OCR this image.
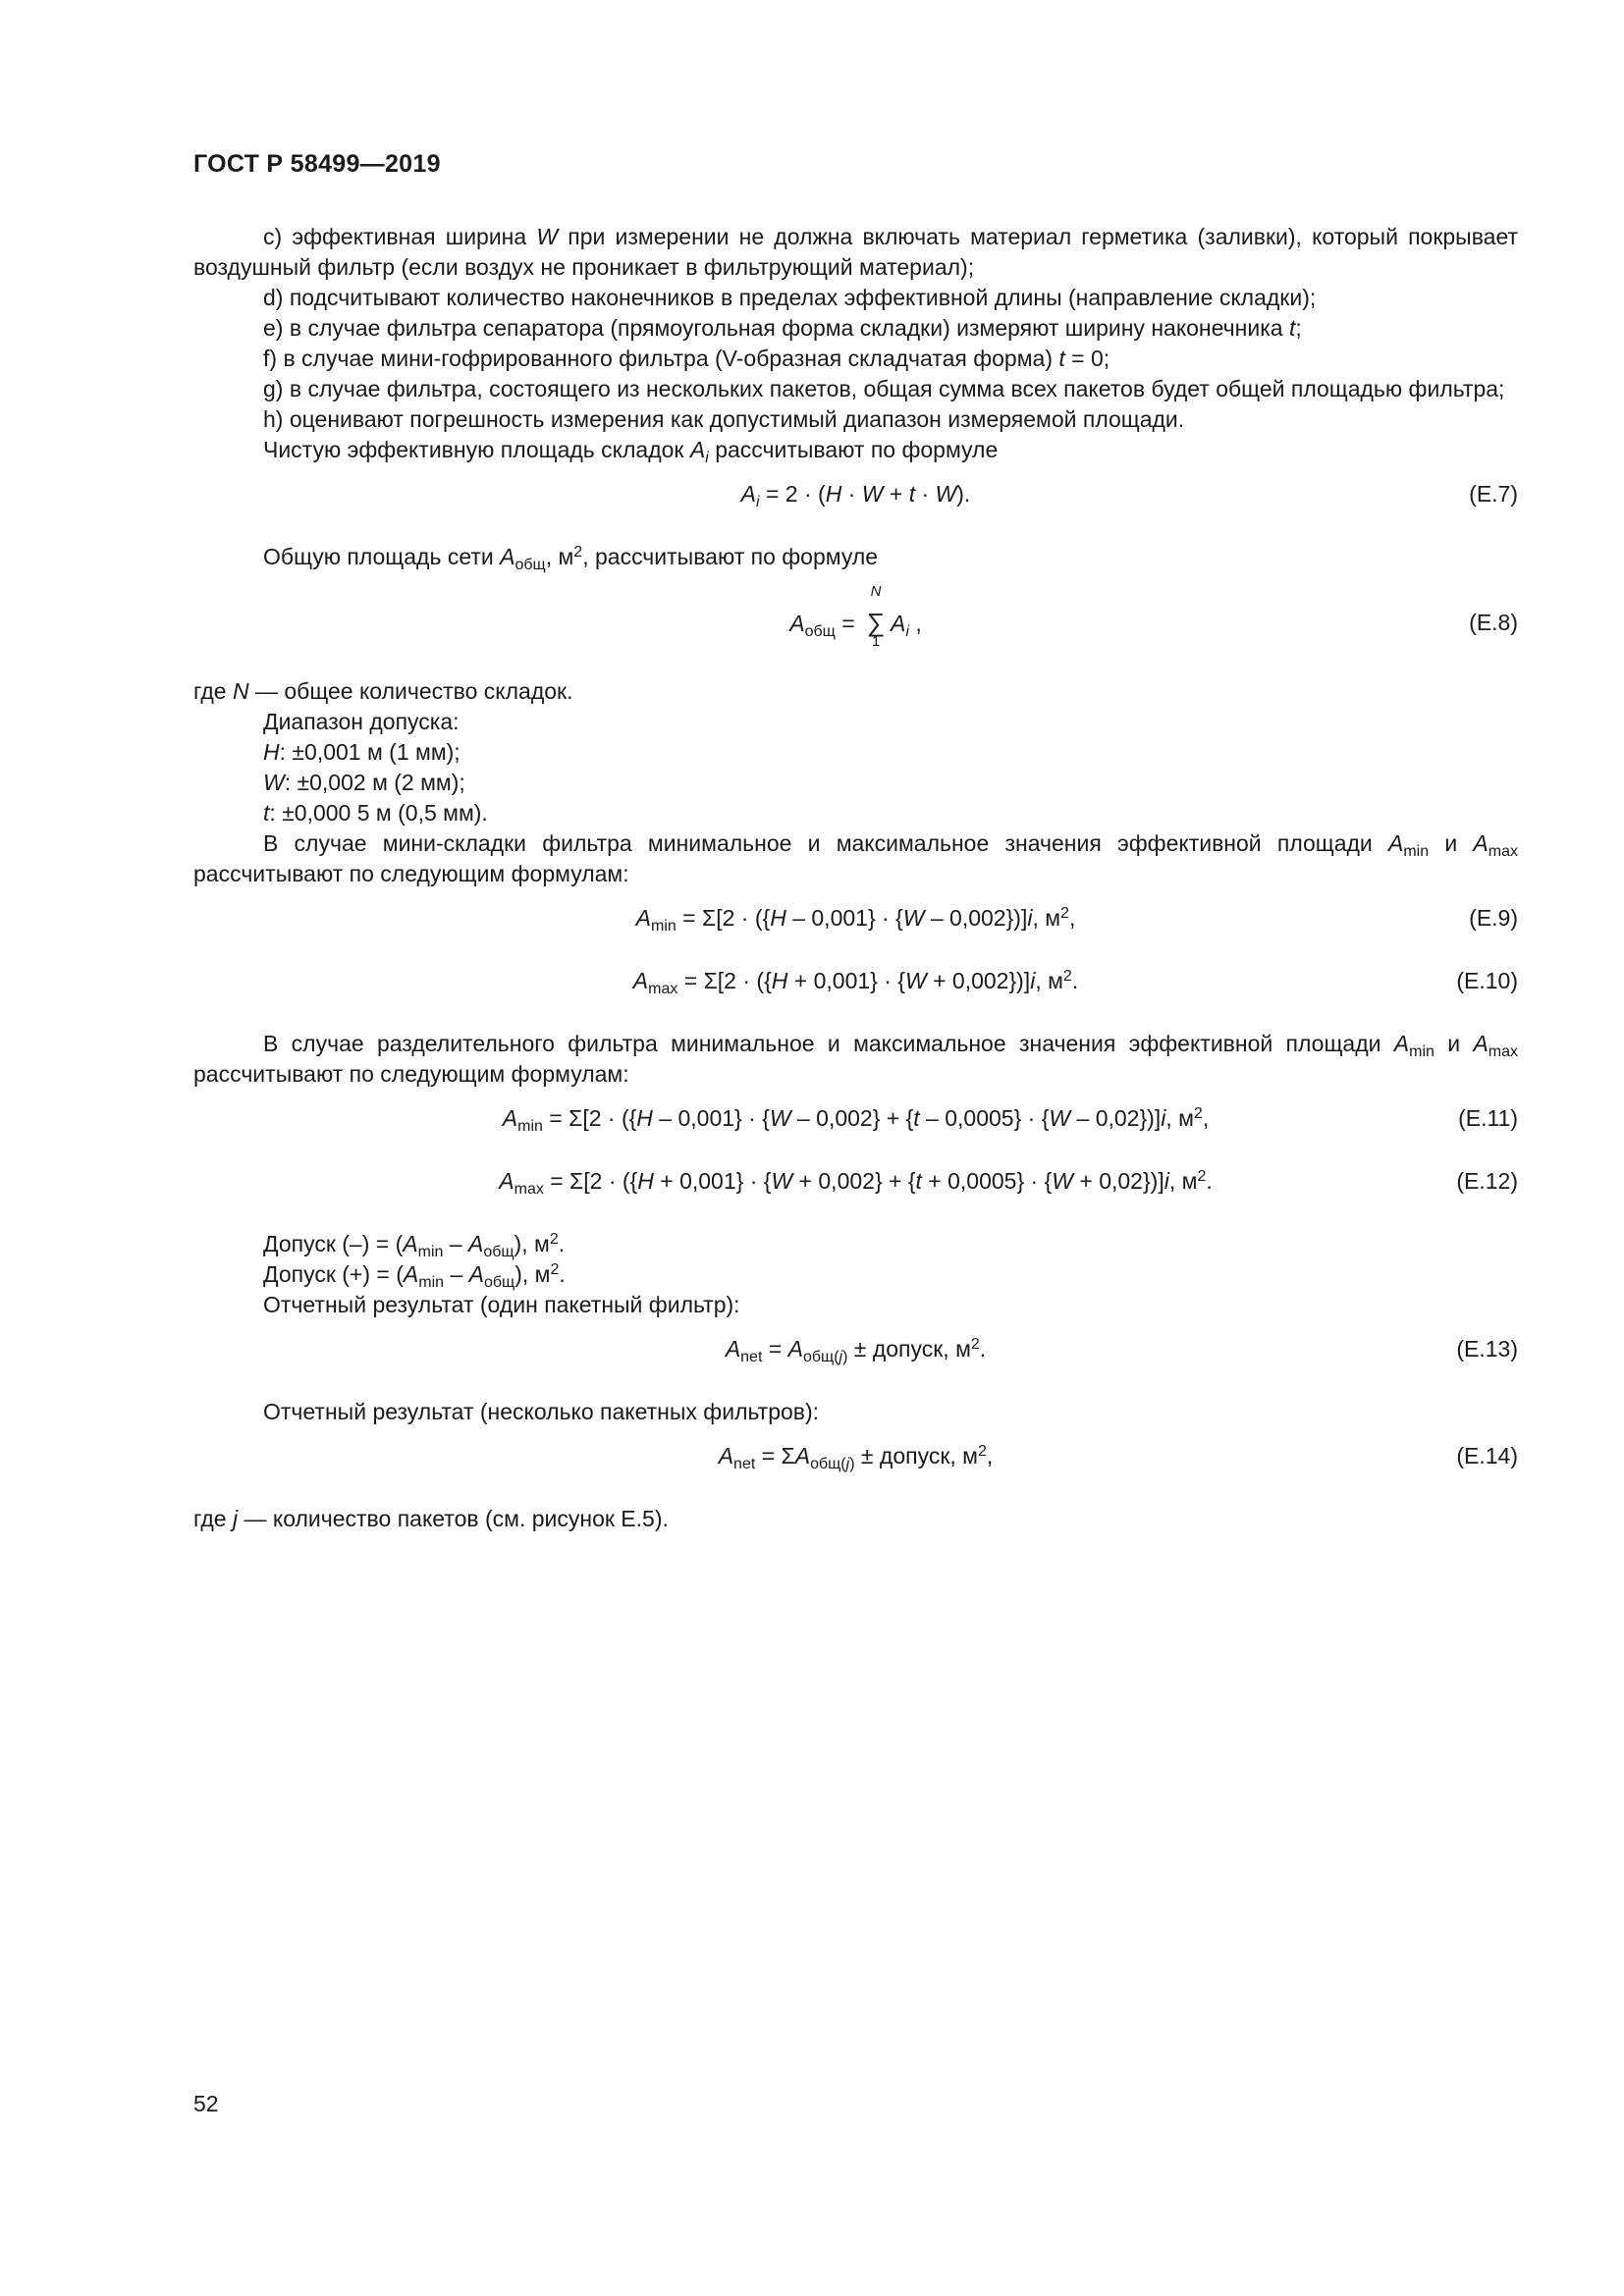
ГОСТ Р 58499—2019

c) эффективная ширина W при измерении не должна включать материал герметика (заливки), который покрывает воздушный фильтр (если воздух не проникает в фильтрующий материал);

d) подсчитывают количество наконечников в пределах эффективной длины (направление складки);

e) в случае фильтра сепаратора (прямоугольная форма складки) измеряют ширину наконечника t;

f) в случае мини-гофрированного фильтра (V-образная складчатая форма) t = 0;

g) в случае фильтра, состоящего из нескольких пакетов, общая сумма всех пакетов будет общей площадью фильтра;

h) оценивают погрешность измерения как допустимый диапазон измеряемой площади.

Чистую эффективную площадь складок $A_i$ рассчитывают по формуле

$A_i = 2 \cdot (H \cdot W + t \cdot W)$.	(Е.7)

Общую площадь сети $A_{общ}$, $м^2$, рассчитывают по формуле

$A_{общ}$ =
N
∑
1
$A_i$ ,	(Е.8)

где N — общее количество складок.

Диапазон допуска:

H: ±0,001 м (1 мм);

W: ±0,002 м (2 мм);

t: ±0,000 5 м (0,5 мм).

В случае мини-складки фильтра минимальное и максимальное значения эффективной площади $A_{min}$ и $A_{max}$ рассчитывают по следующим формулам:

$A_{min} = \Sigma[2 \cdot (\{H - 0,001\} \cdot \{W - 0,002\})]i$, $м^2$,	(Е.9)
$A_{max} = \Sigma[2 \cdot (\{H + 0,001\} \cdot \{W + 0,002\})]i$, $м^2$.	(Е.10)

В случае разделительного фильтра минимальное и максимальное значения эффективной площади $A_{min}$ и $A_{max}$ рассчитывают по следующим формулам:

$A_{min} = \Sigma[2 \cdot (\{H - 0,001\} \cdot \{W - 0,002\} + \{t - 0,0005\} \cdot \{W - 0,02\})]i$, $м^2$,	(Е.11)
$A_{max} = \Sigma[2 \cdot (\{H + 0,001\} \cdot \{W + 0,002\} + \{t + 0,0005\} \cdot \{W + 0,02\})]i$, $м^2$.	(Е.12)

Допуск (–) = $(A_{min} - A_{общ})$, $м^2$.

Допуск (+) = $(A_{min} - A_{общ})$, $м^2$.

Отчетный результат (один пакетный фильтр):

$A_{net} = A_{общ(j)}$ ± допуск, $м^2$.	(Е.13)

Отчетный результат (несколько пакетных фильтров):

$A_{net} = \Sigma A_{общ(j)}$ ± допуск, $м^2$,	(Е.14)

где j — количество пакетов (см. рисунок Е.5).

52
